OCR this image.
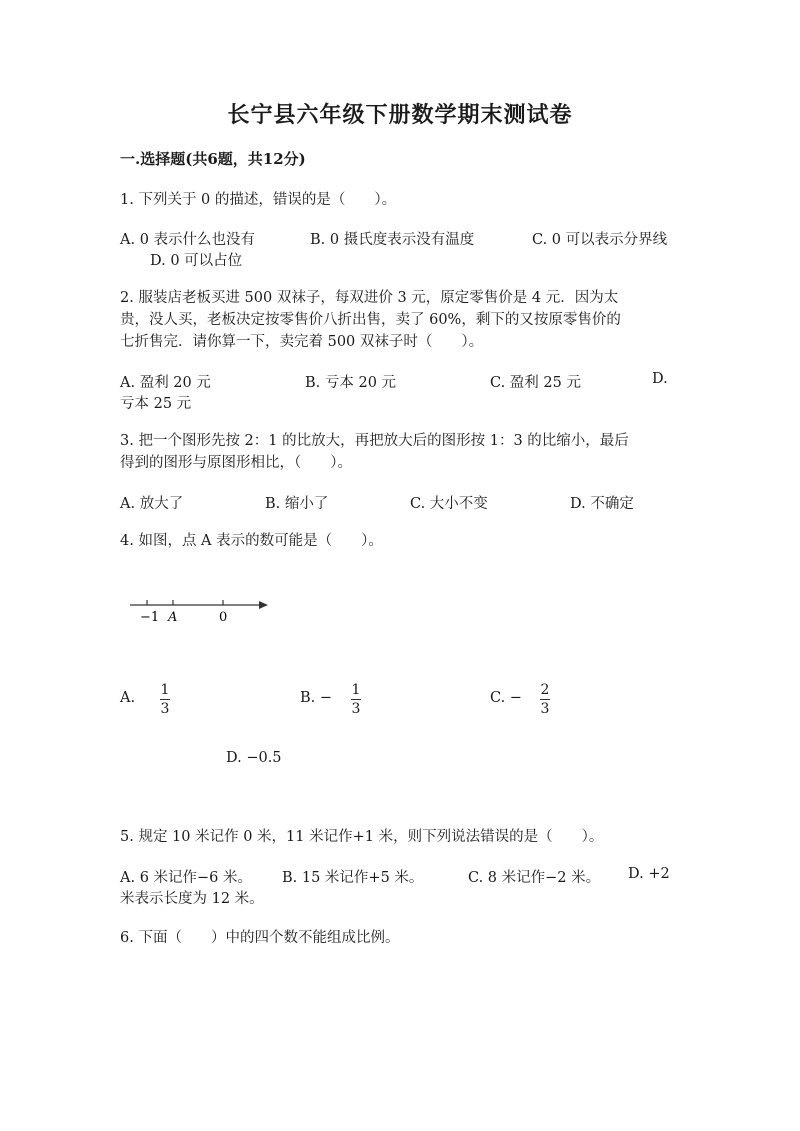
长宁县六年级下册数学期末测试卷
一.选择题(共6题，共12分)
1. 下列关于 0 的描述，错误的是（　　）。
A. 0 表示什么也没有	B. 0 摄氏度表示没有温度	C. 0 可以表示分界线
D. 0 可以占位
2. 服装店老板买进 500 双袜子，每双进价 3 元，原定零售价是 4 元．因为太
贵，没人买，老板决定按零售价八折出售，卖了 60%，剩下的又按原零售价的
七折售完．请你算一下，卖完着 500 双袜子时（　　）。
A. 盈利 20 元	B. 亏本 20 元	C. 盈利 25 元	D.
亏本 25 元
3. 把一个图形先按 2：1 的比放大，再把放大后的图形按 1：3 的比缩小，最后
得到的图形与原图形相比，（　　）。
A. 放大了	B. 缩小了	C. 大小不变	D. 不确定
4. 如图，点 A 表示的数可能是（　　）。
−1 A	0
A. 1
3
B. − 1
3
C. − 2
3
D. −0.5
5. 规定 10 米记作 0 米，11 米记作+1 米，则下列说法错误的是（　　）。
A. 6 米记作−6 米。 B. 15 米记作+5 米。	C. 8 米记作−2 米。 D. +2
米表示长度为 12 米。
6. 下面（　　）中的四个数不能组成比例。
